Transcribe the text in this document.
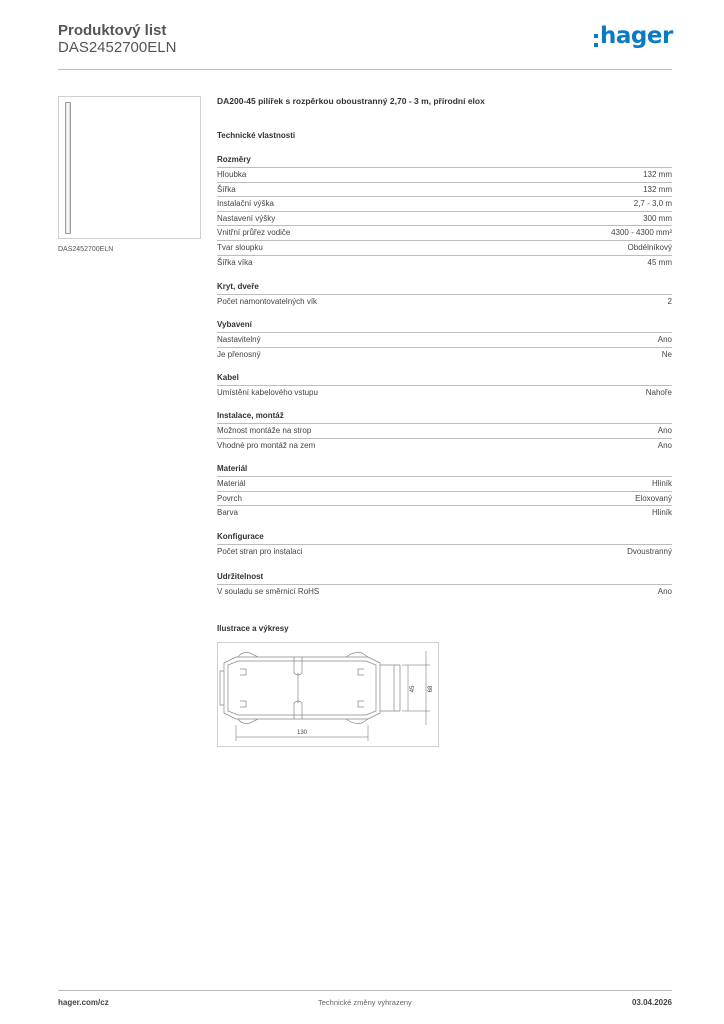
Produktový list
DAS2452700ELN	hager
DAS2452700ELN
DA200-45 pilířek s rozpěrkou oboustranný 2,70 - 3 m, přírodní elox
Technické vlastnosti
Rozměry
Hloubka	132 mm
Šířka	132 mm
Instalační výška	2,7 - 3,0 m
Nastavení výšky	300 mm
Vnitřní průřez vodiče	4300 - 4300 mm²
Tvar sloupku	Obdélníkový
Šířka víka	45 mm
Kryt, dveře
Počet namontovatelných vík	2
Vybavení
Nastavitelný	Ano
Je přenosný	Ne
Kabel
Umístění kabelového vstupu	Nahoře
Instalace, montáž
Možnost montáže na strop	Ano
Vhodné pro montáž na zem	Ano
Materiál
Materiál	Hliník
Povrch	Eloxovaný
Barva	Hliník
Konfigurace
Počet stran pro instalaci	Dvoustranný
Udržitelnost
V souladu se směrnicí RoHS	Ano
Ilustrace a výkresy
130
45 68
hager.com/cz	Technické změny vyhrazeny	03.04.2026
